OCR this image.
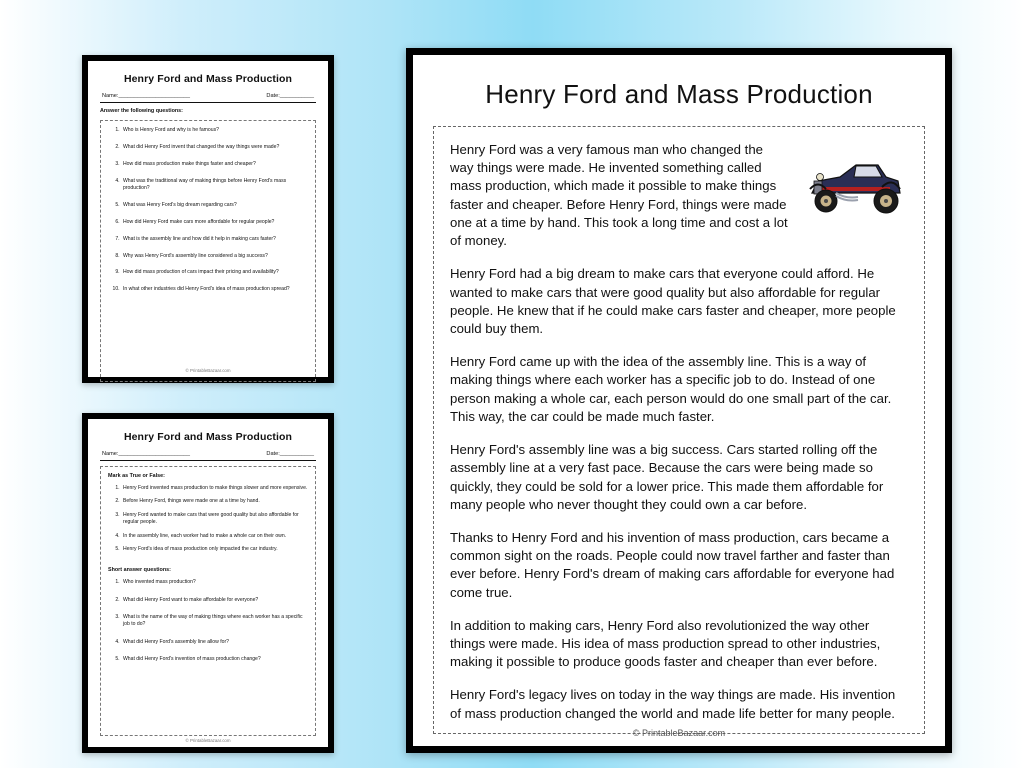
Henry Ford and Mass Production
Name:_______________________	Date:___________
Answer the following questions:
1. Who is Henry Ford and why is he famous?
2. What did Henry Ford invent that changed the way things were made?
3. How did mass production make things faster and cheaper?
4. What was the traditional way of making things before Henry Ford's mass production?
5. What was Henry Ford's big dream regarding cars?
6. How did Henry Ford make cars more affordable for regular people?
7. What is the assembly line and how did it help in making cars faster?
8. Why was Henry Ford's assembly line considered a big success?
9. How did mass production of cars impact their pricing and availability?
10. In what other industries did Henry Ford's idea of mass production spread?
© PrintableBazaar.com
Henry Ford and Mass Production
Name:_______________________	Date:___________
Mark as True or False:
1. Henry Ford invented mass production to make things slower and more expensive.
2. Before Henry Ford, things were made one at a time by hand.
3. Henry Ford wanted to make cars that were good quality but also affordable for regular people.
4. In the assembly line, each worker had to make a whole car on their own.
5. Henry Ford's idea of mass production only impacted the car industry.
Short answer questions:
1. Who invented mass production?
2. What did Henry Ford want to make affordable for everyone?
3. What is the name of the way of making things where each worker has a specific job to do?
4. What did Henry Ford's assembly line allow for?
5. What did Henry Ford's invention of mass production change?
© PrintableBazaar.com
Henry Ford and Mass Production

Henry Ford was a very famous man who changed the way things were made. He invented something called mass production, which made it possible to make things faster and cheaper. Before Henry Ford, things were made one at a time by hand. This took a long time and cost a lot of money.

Henry Ford had a big dream to make cars that everyone could afford. He wanted to make cars that were good quality but also affordable for regular people. He knew that if he could make cars faster and cheaper, more people could buy them.

Henry Ford came up with the idea of the assembly line. This is a way of making things where each worker has a specific job to do. Instead of one person making a whole car, each person would do one small part of the car. This way, the car could be made much faster.

Henry Ford's assembly line was a big success. Cars started rolling off the assembly line at a very fast pace. Because the cars were being made so quickly, they could be sold for a lower price. This made them affordable for many people who never thought they could own a car before.

Thanks to Henry Ford and his invention of mass production, cars became a common sight on the roads. People could now travel farther and faster than ever before. Henry Ford's dream of making cars affordable for everyone had come true.

In addition to making cars, Henry Ford also revolutionized the way other things were made. His idea of mass production spread to other industries, making it possible to produce goods faster and cheaper than ever before.

Henry Ford's legacy lives on today in the way things are made. His invention of mass production changed the world and made life better for many people.

© PrintableBazaar.com
